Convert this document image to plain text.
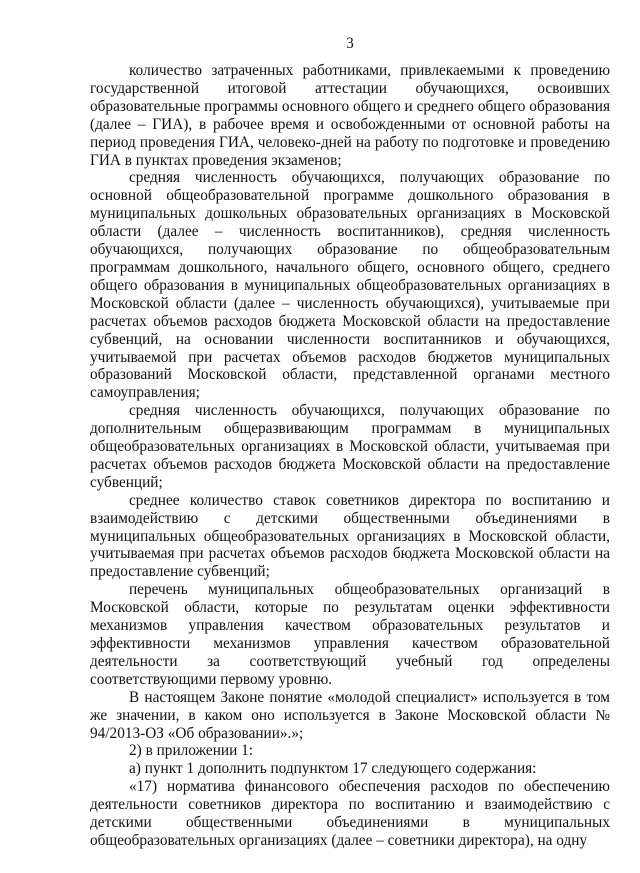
3

количество затраченных работниками, привлекаемыми к проведению государственной итоговой аттестации обучающихся, освоивших образовательные программы основного общего и среднего общего образования (далее – ГИА), в рабочее время и освобожденными от основной работы на период проведения ГИА, человеко-дней на работу по подготовке и проведению ГИА в пунктах проведения экзаменов;

средняя численность обучающихся, получающих образование по основной общеобразовательной программе дошкольного образования в муниципальных дошкольных образовательных организациях в Московской области (далее – численность воспитанников), средняя численность обучающихся, получающих образование по общеобразовательным программам дошкольного, начального общего, основного общего, среднего общего образования в муниципальных общеобразовательных организациях в Московской области (далее – численность обучающихся), учитываемые при расчетах объемов расходов бюджета Московской области на предоставление субвенций, на основании численности воспитанников и обучающихся, учитываемой при расчетах объемов расходов бюджетов муниципальных образований Московской области, представленной органами местного самоуправления;

средняя численность обучающихся, получающих образование по дополнительным общеразвивающим программам в муниципальных общеобразовательных организациях в Московской области, учитываемая при расчетах объемов расходов бюджета Московской области на предоставление субвенций;

среднее количество ставок советников директора по воспитанию и взаимодействию с детскими общественными объединениями в муниципальных общеобразовательных организациях в Московской области, учитываемая при расчетах объемов расходов бюджета Московской области на предоставление субвенций;

перечень муниципальных общеобразовательных организаций в Московской области, которые по результатам оценки эффективности механизмов управления качеством образовательных результатов и эффективности механизмов управления качеством образовательной деятельности за соответствующий учебный год определены соответствующими первому уровню.

В настоящем Законе понятие «молодой специалист» используется в том же значении, в каком оно используется в Законе Московской области № 94/2013-ОЗ «Об образовании».»;

2) в приложении 1:

а) пункт 1 дополнить подпунктом 17 следующего содержания:

«17) норматива финансового обеспечения расходов по обеспечению деятельности советников директора по воспитанию и взаимодействию с детскими общественными объединениями в муниципальных общеобразовательных организациях (далее – советники директора), на одну
